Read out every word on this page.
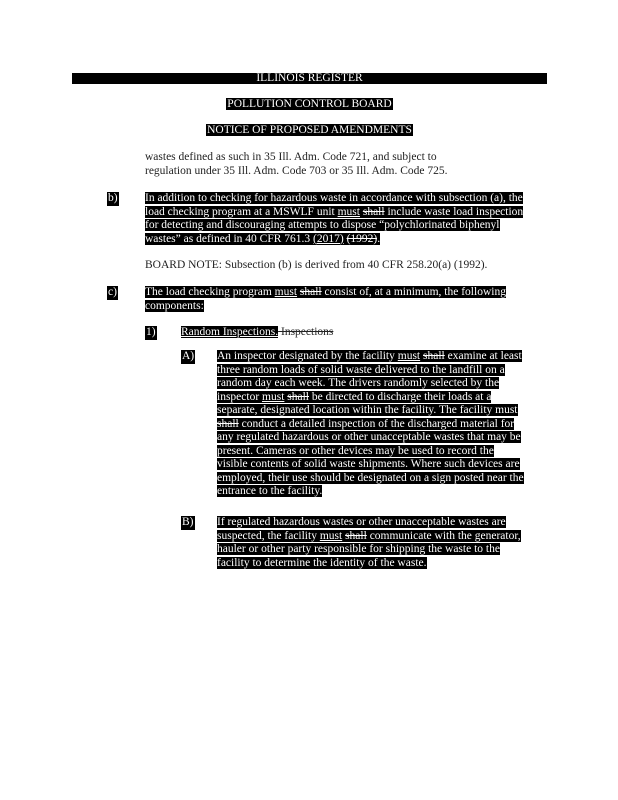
ILLINOIS REGISTER
POLLUTION CONTROL BOARD
NOTICE OF PROPOSED AMENDMENTS
wastes defined as such in 35 Ill. Adm. Code 721, and subject to
regulation under 35 Ill. Adm. Code 703 or 35 Ill. Adm. Code 725.
b) In addition to checking for hazardous waste in accordance with subsection (a), the
load checking program at a MSWLF unit must shall include waste load inspection
for detecting and discouraging attempts to dispose “polychlorinated biphenyl
wastes” as defined in 40 CFR 761.3 (2017) (1992).
BOARD NOTE: Subsection (b) is derived from 40 CFR 258.20(a) (1992).
c) The load checking program must shall consist of, at a minimum, the following
components:
1) Random Inspections. Inspections
A) An inspector designated by the facility must shall examine at least
three random loads of solid waste delivered to the landfill on a
random day each week. The drivers randomly selected by the
inspector must shall be directed to discharge their loads at a
separate, designated location within the facility. The facility must
shall conduct a detailed inspection of the discharged material for
any regulated hazardous or other unacceptable wastes that may be
present. Cameras or other devices may be used to record the
visible contents of solid waste shipments. Where such devices are
employed, their use should be designated on a sign posted near the
entrance to the facility.
B) If regulated hazardous wastes or other unacceptable wastes are
suspected, the facility must shall communicate with the generator,
hauler or other party responsible for shipping the waste to the
facility to determine the identity of the waste.
